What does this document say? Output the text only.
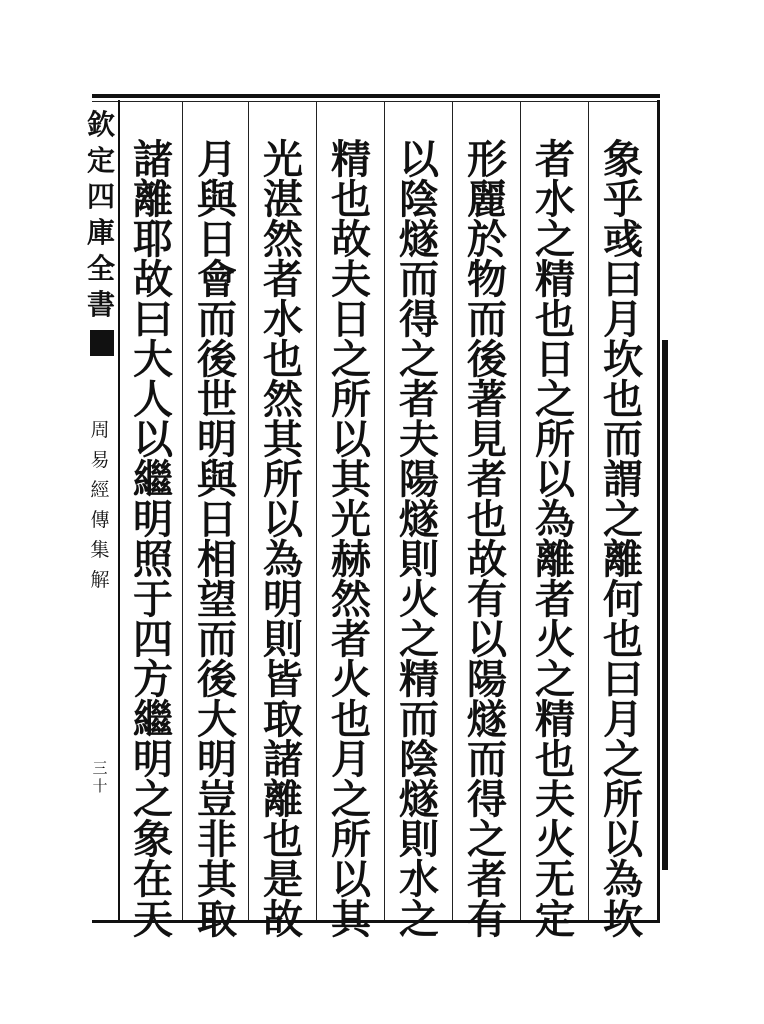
欽
定
四
庫
全
書
周
易
經
傳
集
解
三
十
象
乎
彧
曰
月
坎
也
而
謂
之
離
何
也
曰
月
之
所
以
為
坎
者
水
之
精
也
日
之
所
以
為
離
者
火
之
精
也
夫
火
无
定
形
麗
於
物
而
後
著
見
者
也
故
有
以
陽
燧
而
得
之
者
有
以
陰
燧
而
得
之
者
夫
陽
燧
則
火
之
精
而
陰
燧
則
水
之
精
也
故
夫
日
之
所
以
其
光
赫
然
者
火
也
月
之
所
以
其
光
湛
然
者
水
也
然
其
所
以
為
明
則
皆
取
諸
離
也
是
故
月
與
日
會
而
後
世
明
與
日
相
望
而
後
大
明
豈
非
其
取
諸
離
耶
故
曰
大
人
以
繼
明
照
于
四
方
繼
明
之
象
在
天
